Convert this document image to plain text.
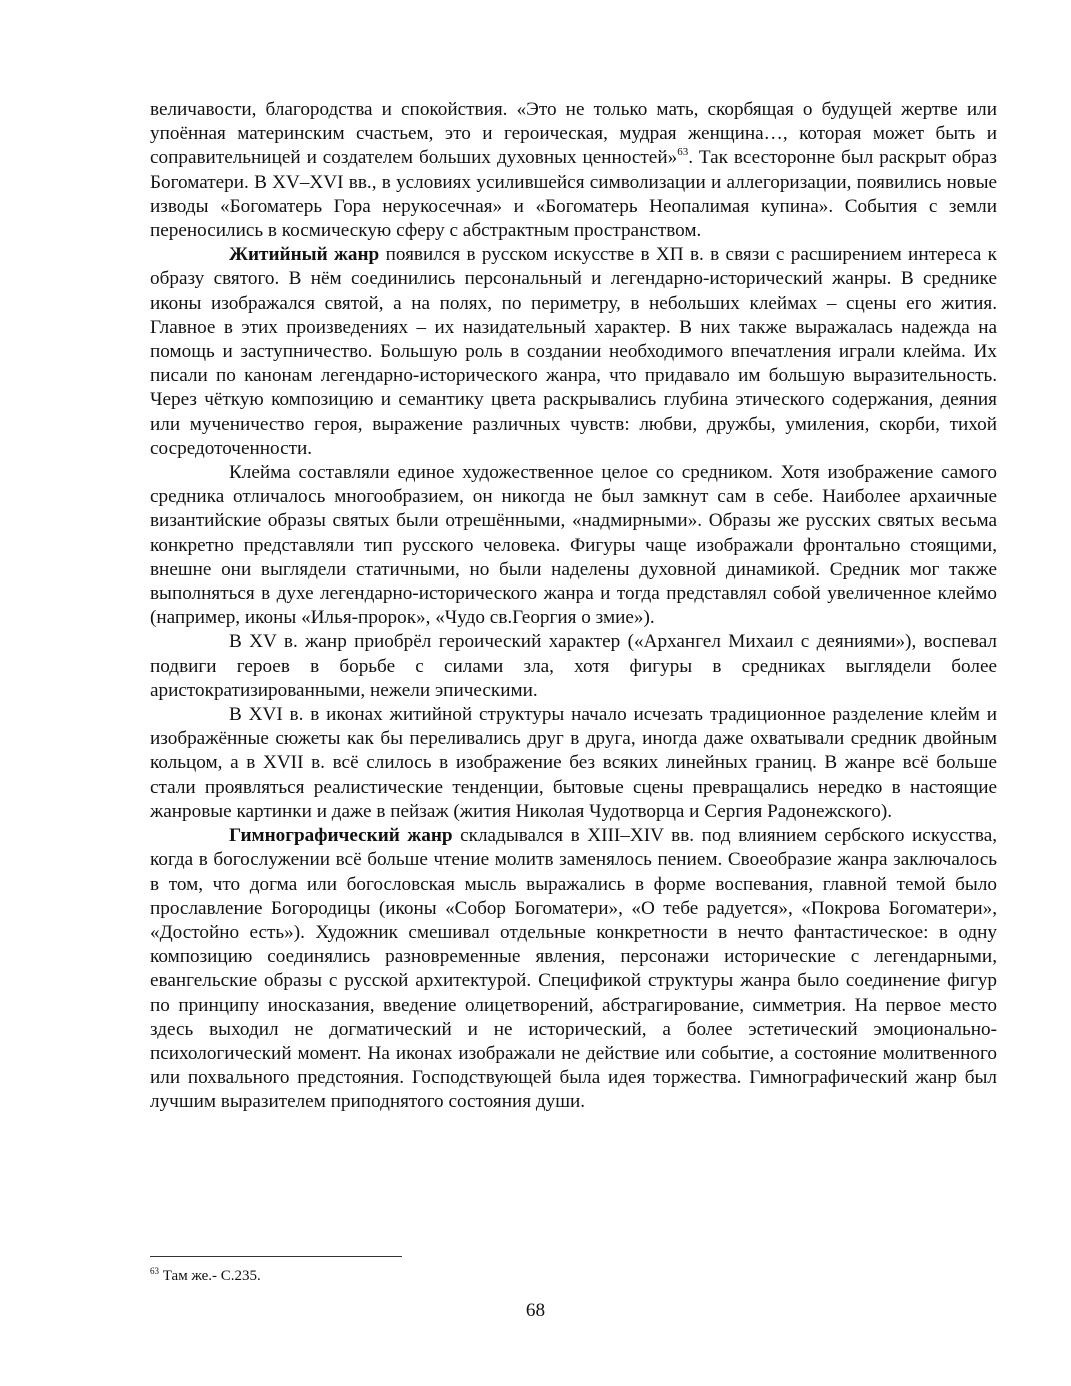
величавости, благородства и спокойствия. «Это не только мать, скорбящая о будущей жертве или упоённая материнским счастьем, это и героическая, мудрая женщина…, которая может быть и соправительницей и создателем больших духовных ценностей»$^{63}$. Так всесторонне был раскрыт образ Богоматери. В XV–XVI вв., в условиях усилившейся символизации и аллегоризации, появились новые изводы «Богоматерь Гора нерукосечная» и «Богоматерь Неопалимая купина». События с земли переносились в космическую сферу с абстрактным пространством.

Житийный жанр появился в русском искусстве в ХП в. в связи с расширением интереса к образу святого. В нём соединились персональный и легендарно-исторический жанры. В среднике иконы изображался святой, а на полях, по периметру, в небольших клеймах – сцены его жития. Главное в этих произведениях – их назидательный характер. В них также выражалась надежда на помощь и заступничество. Большую роль в создании необходимого впечатления играли клейма. Их писали по канонам легендарно-исторического жанра, что придавало им большую выразительность. Через чёткую композицию и семантику цвета раскрывались глубина этического содержания, деяния или мученичество героя, выражение различных чувств: любви, дружбы, умиления, скорби, тихой сосредоточенности.

Клейма составляли единое художественное целое со средником. Хотя изображение самого средника отличалось многообразием, он никогда не был замкнут сам в себе. Наиболее архаичные византийские образы святых были отрешёнными, «надмирными». Образы же русских святых весьма конкретно представляли тип русского человека. Фигуры чаще изображали фронтально стоящими, внешне они выглядели статичными, но были наделены духовной динамикой. Средник мог также выполняться в духе легендарно-исторического жанра и тогда представлял собой увеличенное клеймо (например, иконы «Илья-пророк», «Чудо св.Георгия о змие»).

В XV в. жанр приобрёл героический характер («Архангел Михаил с деяниями»), воспевал подвиги героев в борьбе с силами зла, хотя фигуры в средниках выглядели более аристократизированными, нежели эпическими.

В XVI в. в иконах житийной структуры начало исчезать традиционное разделение клейм и изображённые сюжеты как бы переливались друг в друга, иногда даже охватывали средник двойным кольцом, а в XVII в. всё слилось в изображение без всяких линейных границ. В жанре всё больше стали проявляться реалистические тенденции, бытовые сцены превращались нередко в настоящие жанровые картинки и даже в пейзаж (жития Николая Чудотворца и Сергия Радонежского).

Гимнографический жанр складывался в XIII–XIV вв. под влиянием сербского искусства, когда в богослужении всё больше чтение молитв заменялось пением. Своеобразие жанра заключалось в том, что догма или богословская мысль выражались в форме воспевания, главной темой было прославление Богородицы (иконы «Собор Богоматери», «О тебе радуется», «Покрова Богоматери», «Достойно есть»). Художник смешивал отдельные конкретности в нечто фантастическое: в одну композицию соединялись разновременные явления, персонажи исторические с легендарными, евангельские образы с русской архитектурой. Спецификой структуры жанра было соединение фигур по принципу иносказания, введение олицетворений, абстрагирование, симметрия. На первое место здесь выходил не догматический и не исторический, а более эстетический эмоционально-психологический момент. На иконах изображали не действие или событие, а состояние молитвенного или похвального предстояния. Господствующей была идея торжества. Гимнографический жанр был лучшим выразителем приподнятого состояния души.

$^{63}$ Там же.- С.235.
68
